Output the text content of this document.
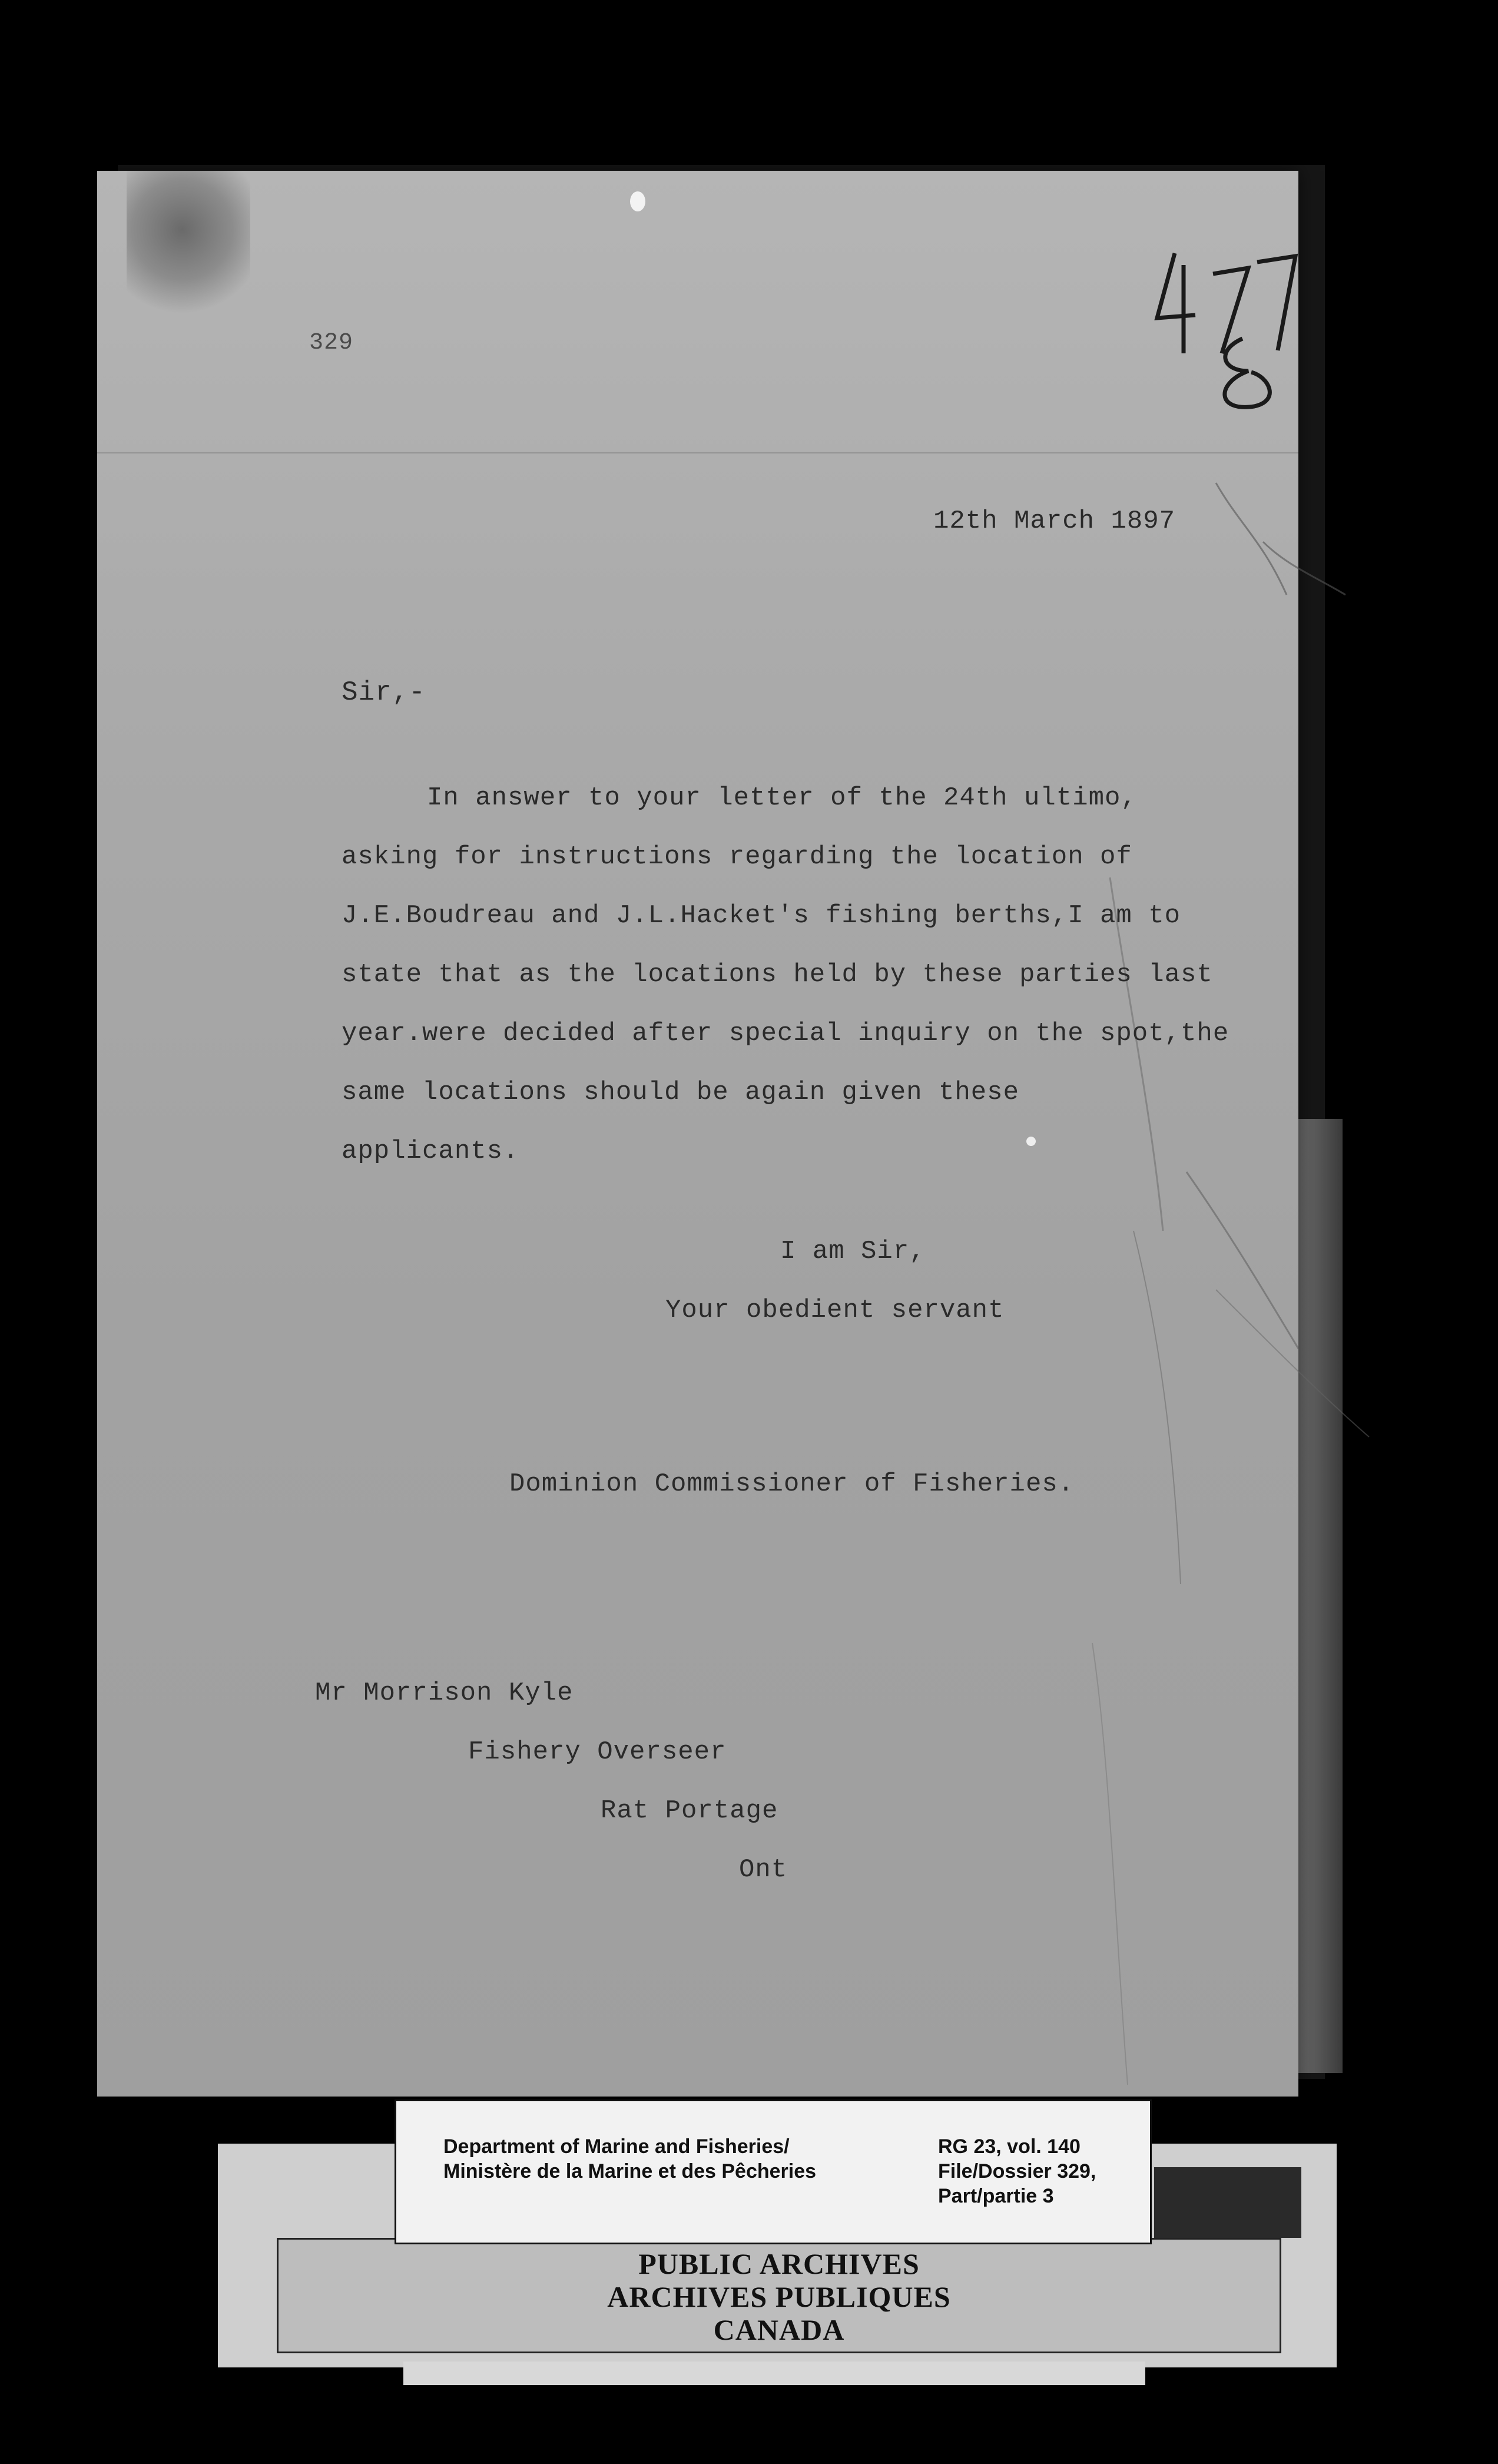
329
12th March 1897
Sir,-
In answer to your letter of the 24th ultimo,
asking for instructions regarding the location of
J.E.Boudreau and J.L.Hacket's fishing berths,I am to
state that as the locations held by these parties last
year.were decided after special inquiry on the spot,the
same locations should be again given these
applicants.
I am Sir,
Your obedient servant
Dominion Commissioner of Fisheries.
Mr Morrison Kyle
Fishery Overseer
Rat Portage
Ont
PUBLIC ARCHIVES
ARCHIVES PUBLIQUES
CANADA
Department of Marine and Fisheries/
Ministère de la Marine et des Pêcheries
RG 23, vol. 140
File/Dossier 329,
Part/partie 3
